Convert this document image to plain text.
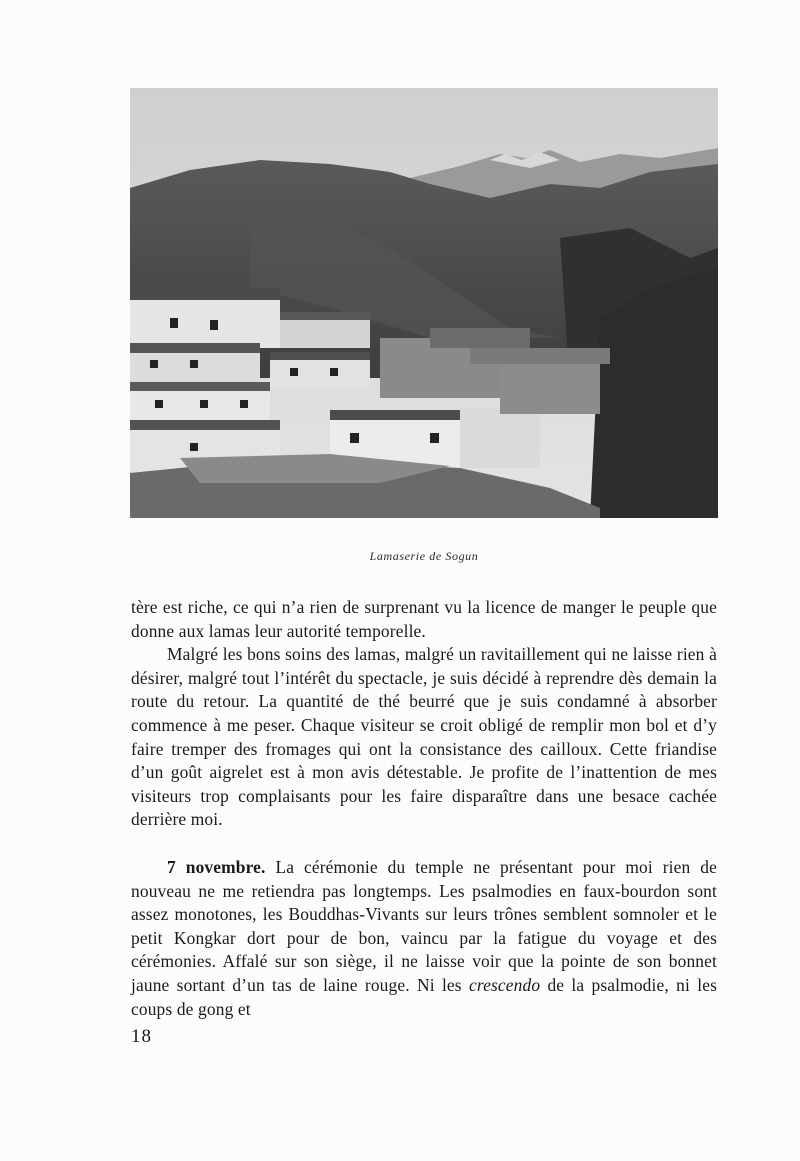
Lamaserie de Sogun

tère est riche, ce qui n’a rien de surprenant vu la licence de manger le peuple que donne aux lamas leur autorité temporelle.

Malgré les bons soins des lamas, malgré un ravitaillement qui ne laisse rien à désirer, malgré tout l’intérêt du spectacle, je suis décidé à reprendre dès demain la route du retour. La quantité de thé beurré que je suis condamné à absorber commence à me peser. Chaque visiteur se croit obligé de remplir mon bol et d’y faire tremper des fromages qui ont la consistance des cailloux. Cette friandise d’un goût aigrelet est à mon avis détestable. Je profite de l’inattention de mes visiteurs trop complaisants pour les faire disparaître dans une besace cachée derrière moi.

7 novembre. La cérémonie du temple ne présentant pour moi rien de nouveau ne me retiendra pas longtemps. Les psalmodies en faux-bourdon sont assez monotones, les Bouddhas-Vivants sur leurs trônes semblent somnoler et le petit Kongkar dort pour de bon, vaincu par la fatigue du voyage et des cérémonies. Affalé sur son siège, il ne laisse voir que la pointe de son bonnet jaune sortant d’un tas de laine rouge. Ni les crescendo de la psalmodie, ni les coups de gong et

18
